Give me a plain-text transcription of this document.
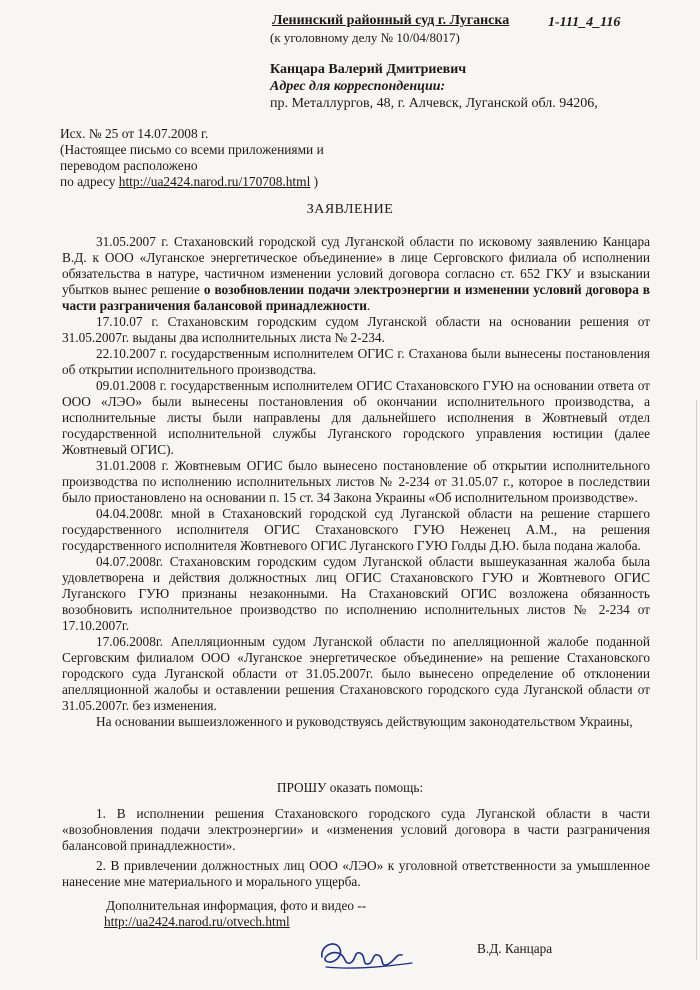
Ленинский районный суд г. Луганска
(к уголовному делу № 10/04/8017)
1-111_4_116
Канцара Валерий Дмитриевич
Адрес для корреспонденции:
пр. Металлургов, 48, г. Алчевск, Луганской обл. 94206,
Исх. № 25 от 14.07.2008 г.
(Настоящее письмо со всеми приложениями и
переводом расположено
по адресу http://ua2424.narod.ru/170708.html )
ЗАЯВЛЕНИЕ

31.05.2007 г. Стахановский городской суд Луганской области по исковому заявлению Канцара В.Д. к ООО «Луганское энергетическое объединение» в лице Серговского филиала об исполнении обязательства в натуре, частичном изменении условий договора согласно ст. 652 ГКУ и взыскании убытков вынес решение о возобновлении подачи электроэнергии и изменении условий договора в части разграничения балансовой принадлежности.

17.10.07 г. Стахановским городским судом Луганской области на основании решения от 31.05.2007г. выданы два исполнительных листа № 2-234.

22.10.2007 г. государственным исполнителем ОГИС г. Стаханова были вынесены постановления об открытии исполнительного производства.

09.01.2008 г. государственным исполнителем ОГИС Стахановского ГУЮ на основании ответа от ООО «ЛЭО» были вынесены постановления об окончании исполнительного производства, а исполнительные листы были направлены для дальнейшего исполнения в Жовтневый отдел государственной исполнительной службы Луганского городского управления юстиции (далее Жовтневый ОГИС).

31.01.2008 г. Жовтневым ОГИС было вынесено постановление об открытии исполнительного производства по исполнению исполнительных листов № 2-234 от 31.05.07 г., которое в последствии было приостановлено на основании п. 15 ст. 34 Закона Украины «Об исполнительном производстве».

04.04.2008г. мной в Стахановский городской суд Луганской области на решение старшего государственного исполнителя ОГИС Стахановского ГУЮ Неженец А.М., на решения государственного исполнителя Жовтневого ОГИС Луганского ГУЮ Голды Д.Ю. была подана жалоба.

04.07.2008г. Стахановским городским судом Луганской области вышеуказанная жалоба была удовлетворена и действия должностных лиц ОГИС Стахановского ГУЮ и Жовтневого ОГИС Луганского ГУЮ признаны незаконными. На Стахановский ОГИС возложена обязанность возобновить исполнительное производство по исполнению исполнительных листов № 2-234 от 17.10.2007г.

17.06.2008г. Апелляционным судом Луганской области по апелляционной жалобе поданной Серговским филиалом ООО «Луганское энергетическое объединение» на решение Стахановского городского суда Луганской области от 31.05.2007г. было вынесено определение об отклонении апелляционной жалобы и оставлении решения Стахановского городского суда Луганской области от 31.05.2007г. без изменения.

На основании вышеизложенного и руководствуясь действующим законодательством Украины,

ПРОШУ оказать помощь:

1. В исполнении решения Стахановского городского суда Луганской области в части «возобновления подачи электроэнергии» и «изменения условий договора в части разграничения балансовой принадлежности».

2. В привлечении должностных лиц ООО «ЛЭО» к уголовной ответственности за умышленное нанесение мне материального и морального ущерба.

Дополнительная информация, фото и видео --
http://ua2424.narod.ru/otvech.html
В.Д. Канцара
